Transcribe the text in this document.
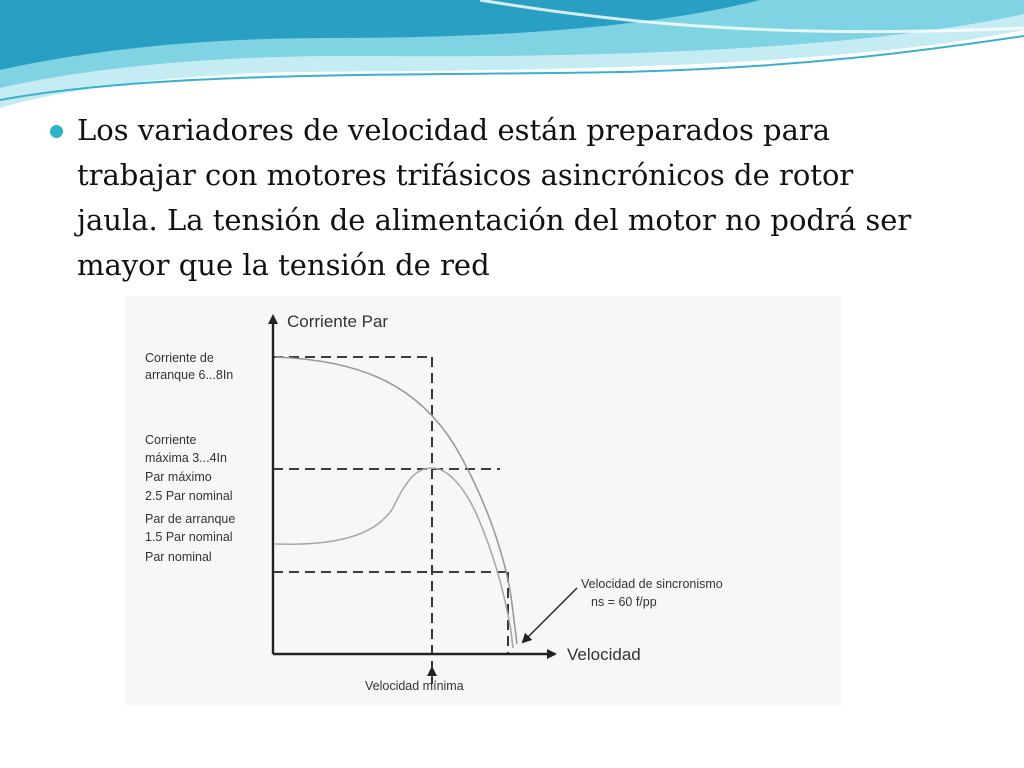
Los variadores de velocidad están preparados para trabajar con motores trifásicos asincrónicos de rotor jaula. La tensión de alimentación del motor no podrá ser mayor que la tensión de red

Corriente Par
Velocidad
Corriente de
arranque 6...8In
Corriente
máxima 3...4In
Par máximo
2.5 Par nominal
Par de arranque
1.5 Par nominal
Par nominal
Velocidad de sincronismo
ns = 60 f/pp
Velocidad mínima
